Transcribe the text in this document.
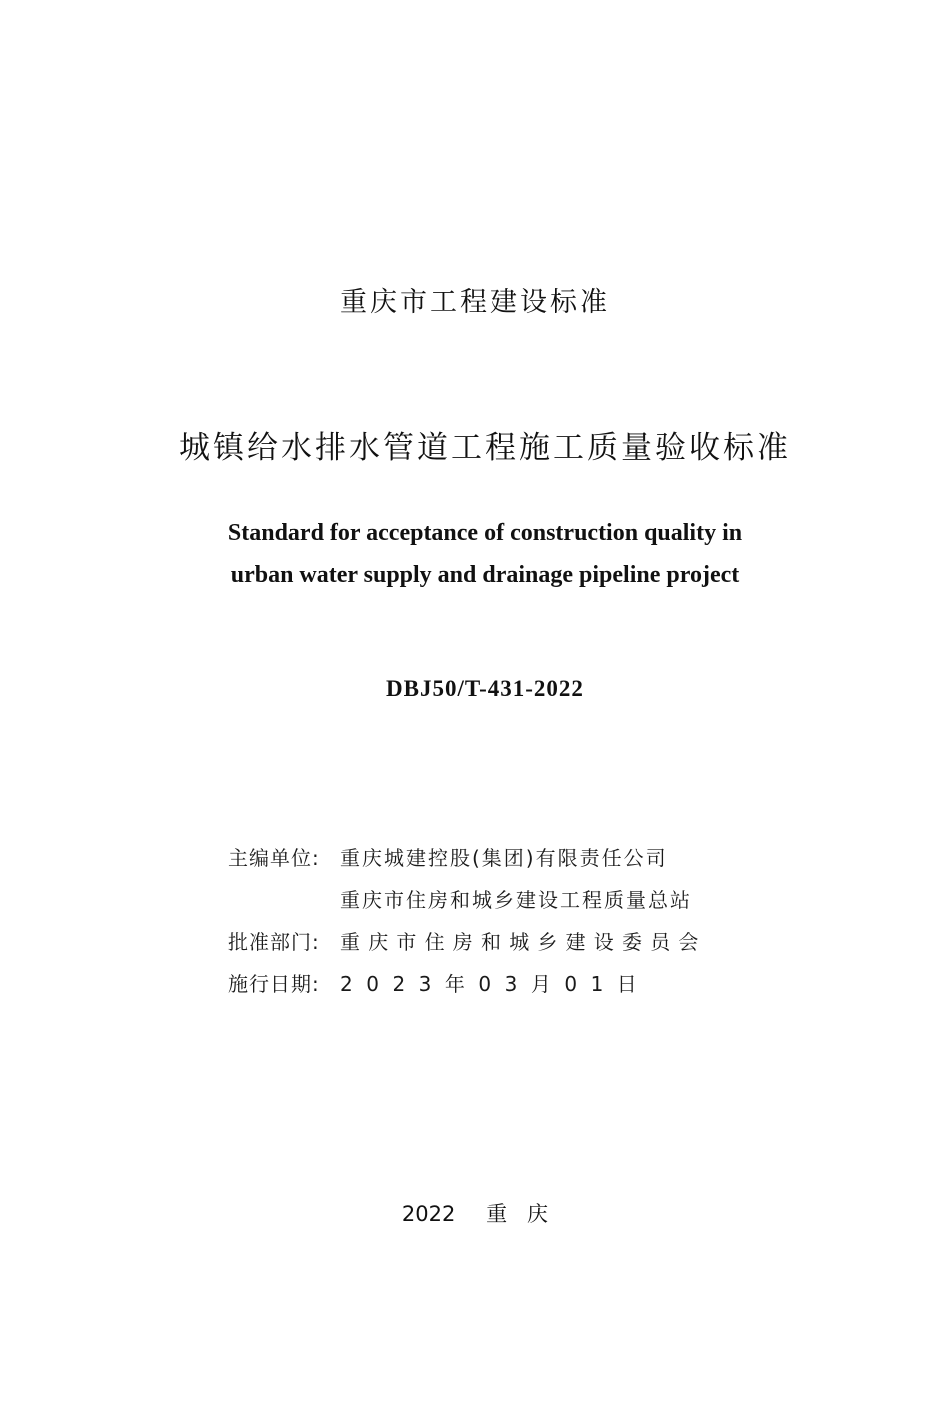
重庆市工程建设标准
城镇给水排水管道工程施工质量验收标准
Standard for acceptance of construction quality in
urban water supply and drainage pipeline project
DBJ50/T-431-2022
主编单位:	重庆城建控股(集团)有限责任公司
重庆市住房和城乡建设工程质量总站
批准部门:	重庆市住房和城乡建设委员会
施行日期:	2023年03月01日
2022 重庆
